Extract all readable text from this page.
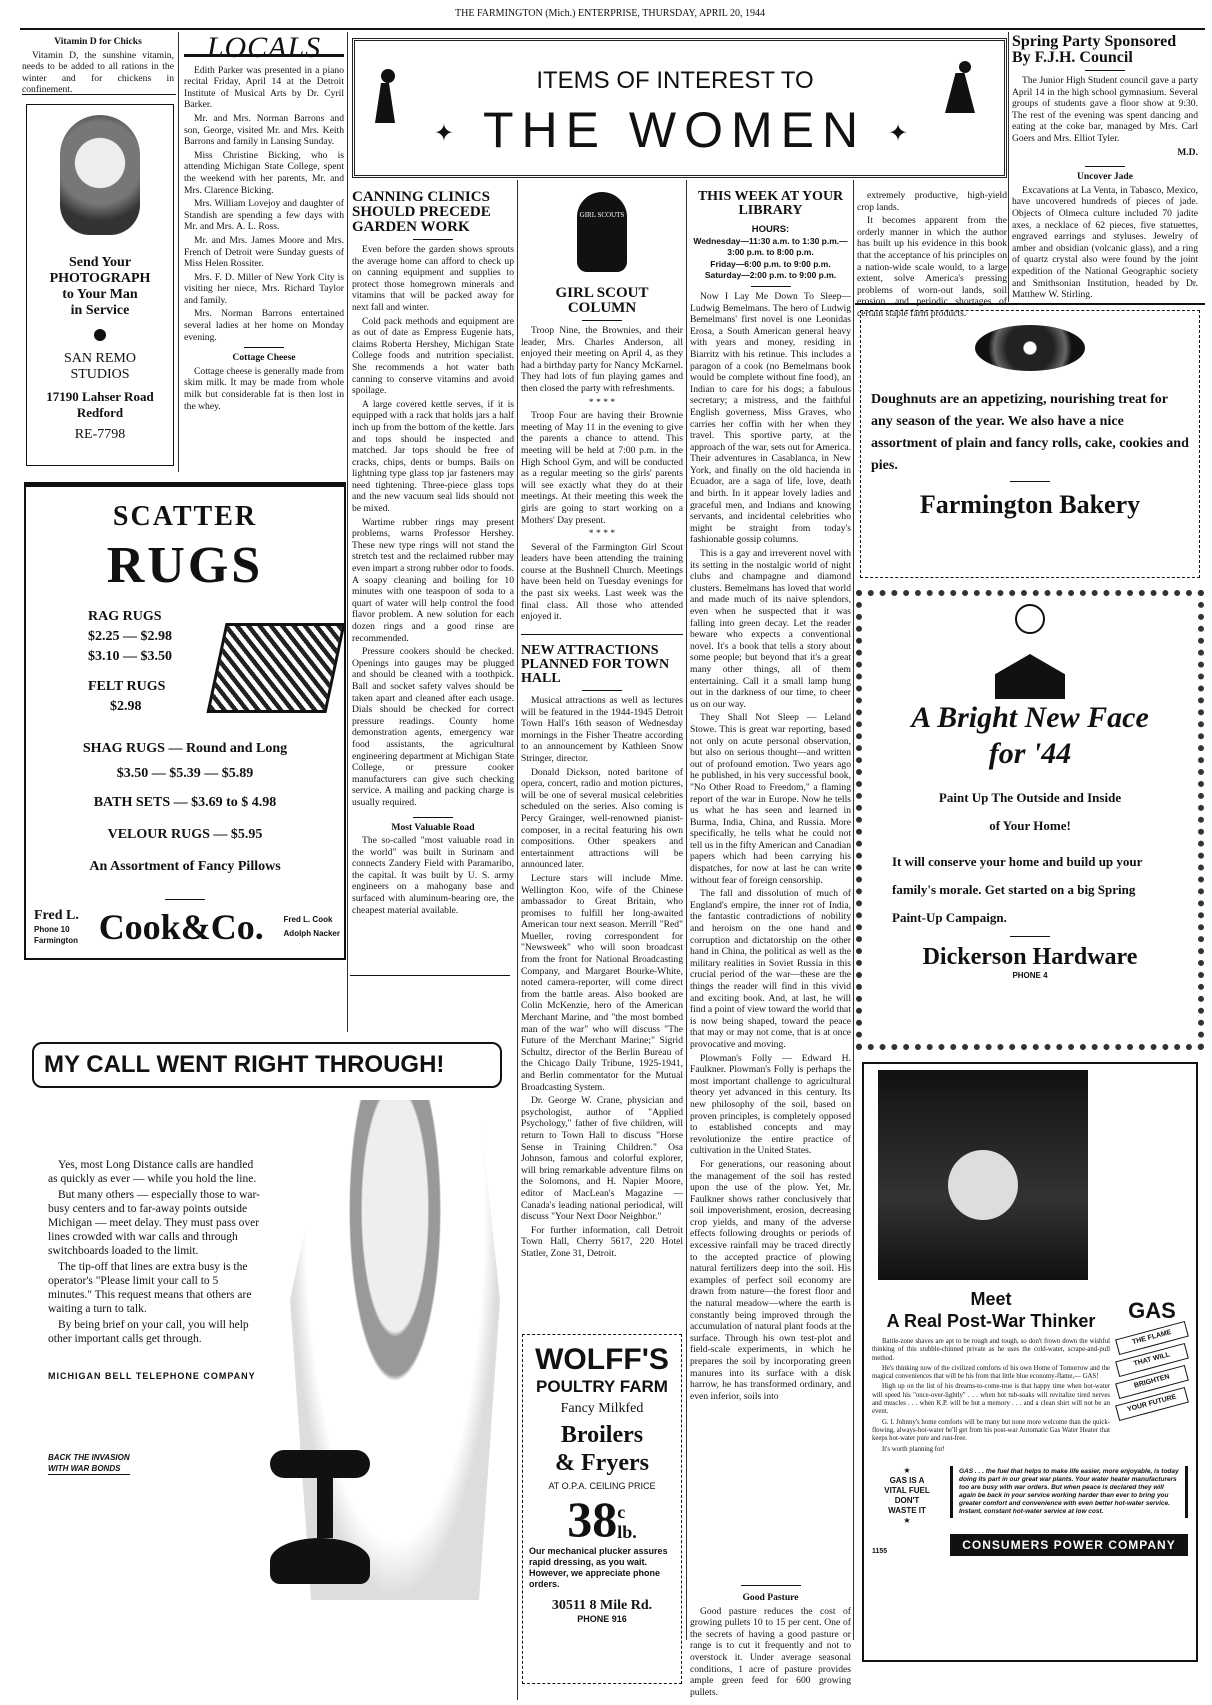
THE FARMINGTON (Mich.) ENTERPRISE, THURSDAY, APRIL 20, 1944
Vitamin D for Chicks

Vitamin D, the sunshine vitamin, needs to be added to all rations in the winter and for chickens in confinement.

Send Your
PHOTOGRAPH
to Your Man
in Service
SAN REMO
STUDIOS
17190 Lahser Road
Redford
RE-7798
LOCALS

Edith Parker was presented in a piano recital Friday, April 14 at the Detroit Institute of Musical Arts by Dr. Cyril Barker.

Mr. and Mrs. Norman Barrons and son, George, visited Mr. and Mrs. Keith Barrons and family in Lansing Sunday.

Miss Christine Bicking, who is attending Michigan State College, spent the weekend with her parents, Mr. and Mrs. Clarence Bicking.

Mrs. William Lovejoy and daughter of Standish are spending a few days with Mr. and Mrs. A. L. Ross.

Mr. and Mrs. James Moore and Mrs. French of Detroit were Sunday guests of Miss Helen Rossiter.

Mrs. F. D. Miller of New York City is visiting her niece, Mrs. Richard Taylor and family.

Mrs. Norman Barrons entertained several ladies at her home on Monday evening.

Cottage Cheese

Cottage cheese is generally made from skim milk. It may be made from whole milk but considerable fat is then lost in the whey.

SCATTER
RUGS
RAG RUGS
$2.25 — $2.98
$3.10 — $3.50
FELT RUGS
$2.98
SHAG RUGS — Round and Long
$3.50 — $5.39 — $5.89
BATH SETS — $3.69 to $ 4.98
VELOUR RUGS — $5.95
An Assortment of Fancy Pillows
Fred L.
Phone 10
Farmington Cook&Co. Fred L. Cook
Adolph Nacker
ITEMS OF INTEREST TO
✦ THE WOMEN ✦
CANNING CLINICS SHOULD PRECEDE GARDEN WORK

Even before the garden shows sprouts the average home can afford to check up on canning equipment and supplies to protect those homegrown minerals and vitamins that will be packed away for next fall and winter.

Cold pack methods and equipment are as out of date as Empress Eugenie hats, claims Roberta Hershey, Michigan State College foods and nutrition specialist. She recommends a hot water bath canning to conserve vitamins and avoid spoilage.

A large covered kettle serves, if it is equipped with a rack that holds jars a half inch up from the bottom of the kettle. Jars and tops should be inspected and matched. Jar tops should be free of cracks, chips, dents or bumps. Bails on lightning type glass top jar fasteners may need tightening. Three-piece glass tops and the new vacuum seal lids should not be mixed.

Wartime rubber rings may present problems, warns Professor Hershey. These new type rings will not stand the stretch test and the reclaimed rubber may even impart a strong rubber odor to foods. A soapy cleaning and boiling for 10 minutes with one teaspoon of soda to a quart of water will help control the food flavor problem. A new solution for each dozen rings and a good rinse are recommended.

Pressure cookers should be checked. Openings into gauges may be plugged and should be cleaned with a toothpick. Ball and socket safety valves should be taken apart and cleaned after each usage. Dials should be checked for correct pressure readings. County home demonstration agents, emergency war food assistants, the agricultural engineering department at Michigan State College, or pressure cooker manufacturers can give such checking service. A mailing and packing charge is usually required.

Most Valuable Road

The so-called "most valuable road in the world" was built in Surinam and connects Zandery Field with Paramaribo, the capital. It was built by U. S. army engineers on a mahogany base and surfaced with aluminum-bearing ore, the cheapest material available.

GIRL SCOUTS
GIRL SCOUT COLUMN

Troop Nine, the Brownies, and their leader, Mrs. Charles Anderson, all enjoyed their meeting on April 4, as they had a birthday party for Nancy McKarnel. They had lots of fun playing games and then closed the party with refreshments.

* * * *

Troop Four are having their Brownie meeting of May 11 in the evening to give the parents a chance to attend. This meeting will be held at 7:00 p.m. in the High School Gym, and will be conducted as a regular meeting so the girls' parents will see exactly what they do at their meetings. At their meeting this week the girls are going to start working on a Mothers' Day present.

* * * *

Several of the Farmington Girl Scout leaders have been attending the training course at the Bushnell Church. Meetings have been held on Tuesday evenings for the past six weeks. Last week was the final class. All those who attended enjoyed it.

NEW ATTRACTIONS PLANNED FOR TOWN HALL

Musical attractions as well as lectures will be featured in the 1944-1945 Detroit Town Hall's 16th season of Wednesday mornings in the Fisher Theatre according to an announcement by Kathleen Snow Stringer, director.

Donald Dickson, noted baritone of opera, concert, radio and motion pictures, will be one of several musical celebrities scheduled on the series. Also coming is Percy Grainger, well-renowned pianist-composer, in a recital featuring his own compositions. Other speakers and entertainment attractions will be announced later.

Lecture stars will include Mme. Wellington Koo, wife of the Chinese ambassador to Great Britain, who promises to fulfill her long-awaited American tour next season. Merrill "Red" Mueller, roving correspondent for "Newsweek" who will soon broadcast from the front for National Broadcasting Company, and Margaret Bourke-White, noted camera-reporter, will come direct from the battle areas. Also booked are Colin McKenzie, hero of the American Merchant Marine, and "the most bombed man of the war" who will discuss "The Future of the Merchant Marine;" Sigrid Schultz, director of the Berlin Bureau of the Chicago Daily Tribune, 1925-1941, and Berlin commentator for the Mutual Broadcasting System.

Dr. George W. Crane, physician and psychologist, author of "Applied Psychology," father of five children, will return to Town Hall to discuss "Horse Sense in Training Children." Osa Johnson, famous and colorful explorer, will bring remarkable adventure films on the Solomons, and H. Napier Moore, editor of MacLean's Magazine — Canada's leading national periodical, will discuss "Your Next Door Neighbor."

For further information, call Detroit Town Hall, Cherry 5617, 220 Hotel Statler, Zone 31, Detroit.

WOLFF'S
POULTRY FARM
Fancy Milkfed
Broilers
& Fryers
AT O.P.A. CEILING PRICE
38c
lb.
Our mechanical plucker assures rapid dressing, as you wait. However, we appreciate phone orders.
30511 8 Mile Rd.
PHONE 916
THIS WEEK AT YOUR LIBRARY
HOURS:
Wednesday—11:30 a.m. to 1:30 p.m.—3:00 p.m. to 8:00 p.m.
Friday—6:00 p.m. to 9:00 p.m.
Saturday—2:00 p.m. to 9:00 p.m.

Now I Lay Me Down To Sleep—Ludwig Bemelmans. The hero of Ludwig Bemelmans' first novel is one Leonidas Erosa, a South American general heavy with years and money, residing in Biarritz with his retinue. This includes a paragon of a cook (no Bemelmans book would be complete without fine food), an Indian to care for his dogs; a fabulous secretary; a mistress, and the faithful English governess, Miss Graves, who carries her coffin with her when they travel. This sportive party, at the approach of the war, sets out for America. Their adventures in Casablanca, in New York, and finally on the old hacienda in Ecuador, are a saga of life, love, death and birth. In it appear lovely ladies and graceful men, and Indians and knowing servants, and incidental celebrities who might be straight from today's fashionable gossip columns.

This is a gay and irreverent novel with its setting in the nostalgic world of night clubs and champagne and diamond clusters. Bemelmans has loved that world and made much of its naive splendors, even when he suspected that it was falling into green decay. Let the reader beware who expects a conventional novel. It's a book that tells a story about some people; but beyond that it's a great many other things, all of them entertaining. Call it a small lamp hung out in the darkness of our time, to cheer us on our way.

They Shall Not Sleep — Leland Stowe. This is great war reporting, based not only on acute personal observation, but also on serious thought—and written out of profound emotion. Two years ago he published, in his very successful book, "No Other Road to Freedom," a flaming report of the war in Europe. Now he tells us what he has seen and learned in Burma, India, China, and Russia. More specifically, he tells what he could not tell us in the fifty American and Canadian papers which had been carrying his dispatches, for now at last he can write without fear of foreign censorship.

The fall and dissolution of much of England's empire, the inner rot of India, the fantastic contradictions of nobility and heroism on the one hand and corruption and dictatorship on the other hand in China, the political as well as the military realities in Soviet Russia in this crucial period of the war—these are the things the reader will find in this vivid and exciting book. And, at last, he will find a point of view toward the world that is now being shaped, toward the peace that may or may not come, that is at once provocative and moving.

Plowman's Folly — Edward H. Faulkner. Plowman's Folly is perhaps the most important challenge to agricultural theory yet advanced in this century. Its new philosophy of the soil, based on proven principles, is completely opposed to established concepts and may revolutionize the entire practice of cultivation in the United States.

For generations, our reasoning about the management of the soil has rested upon the use of the plow. Yet, Mr. Faulkner shows rather conclusively that soil impoverishment, erosion, decreasing crop yields, and many of the adverse effects following droughts or periods of excessive rainfall may be traced directly to the accepted practice of plowing natural fertilizers deep into the soil. His examples of perfect soil economy are drawn from nature—the forest floor and the natural meadow—where the earth is constantly being improved through the accumulation of natural plant foods at the surface. Through his own test-plot and field-scale experiments, in which he prepares the soil by incorporating green manures into its surface with a disk harrow, he has transformed ordinary, and even inferior, soils into

Good Pasture

Good pasture reduces the cost of growing pullets 10 to 15 per cent. One of the secrets of having a good pasture or range is to cut it frequently and not to overstock it. Under average seasonal conditions, 1 acre of pasture provides ample green feed for 600 growing pullets.

extremely productive, high-yield crop lands.

It becomes apparent from the orderly manner in which the author has built up his evidence in this book that the acceptance of his principles on a nation-wide scale would, to a large extent, solve America's pressing problems of worn-out lands, soil erosion, and periodic shortages of certain staple farm products.

Spring Party Sponsored By F.J.H. Council

The Junior High Student council gave a party April 14 in the high school gymnasium. Several groups of students gave a floor show at 9:30. The rest of the evening was spent dancing and eating at the coke bar, managed by Mrs. Carl Goers and Mrs. Elliot Tyler.

M.D.
Uncover Jade

Excavations at La Venta, in Tabasco, Mexico, have uncovered hundreds of pieces of jade. Objects of Olmeca culture included 70 jadite axes, a necklace of 62 pieces, five statuettes, engraved earrings and styluses. Jewelry of amber and obsidian (volcanic glass), and a ring of quartz crystal also were found by the joint expedition of the National Geographic society and Smithsonian Institution, headed by Dr. Matthew W. Stirling.

Doughnuts are an appetizing, nourishing treat for any season of the year. We also have a nice assortment of plain and fancy rolls, cake, cookies and pies.
Farmington Bakery
A Bright New Face
for '44
Paint Up The Outside and Inside
of Your Home!
It will conserve your home and build up your family's morale. Get started on a big Spring Paint-Up Campaign.
Dickerson Hardware
PHONE 4
MY CALL WENT RIGHT THROUGH!

Yes, most Long Distance calls are handled as quickly as ever — while you hold the line.

But many others — especially those to war-busy centers and to far-away points outside Michigan — meet delay. They must pass over lines crowded with war calls and through switchboards loaded to the limit.

The tip-off that lines are extra busy is the operator's "Please limit your call to 5 minutes." This request means that others are waiting a turn to talk.

By being brief on your call, you will help other important calls get through.

MICHIGAN BELL TELEPHONE COMPANY
BACK THE INVASION
WITH WAR BONDS
Meet
A Real Post-War Thinker

Battle-zone shaves are apt to be rough and tough, so don't frown down the wishful thinking of this stubble-chinned private as he uses the cold-water, scrape-and-pull method.

He's thinking now of the civilized comforts of his own Home of Tomorrow and the magical conveniences that will be his from that little blue economy-flame,— GAS!

High up on the list of his dreams-to-come-true is that happy time when hot-water will speed his "once-over-lightly" . . . when hot tub-soaks will revitalize tired nerves and muscles . . . when K.P. will be but a memory . . . and a clean shirt will not be an event.

G. I. Johnny's home comforts will be many but none more welcome than the quick-flowing, always-hot-water he'll get from his post-war Automatic Gas Water Heater that keeps hot-water pure and rust-free.

It's worth planning for!

GAS
THE FLAME
THAT WILL
BRIGHTEN
YOUR FUTURE
★
GAS IS A
VITAL FUEL
DON'T
WASTE IT
★
GAS . . . the fuel that helps to make life easier, more enjoyable, is today doing its part in our great war plants. Your water heater manufacturers too are busy with war orders. But when peace is declared they will again be back in your service working harder than ever to bring you greater comfort and convenience with even better hot-water service. Instant, constant hot-water service at low cost.
1155	CONSUMERS POWER COMPANY
